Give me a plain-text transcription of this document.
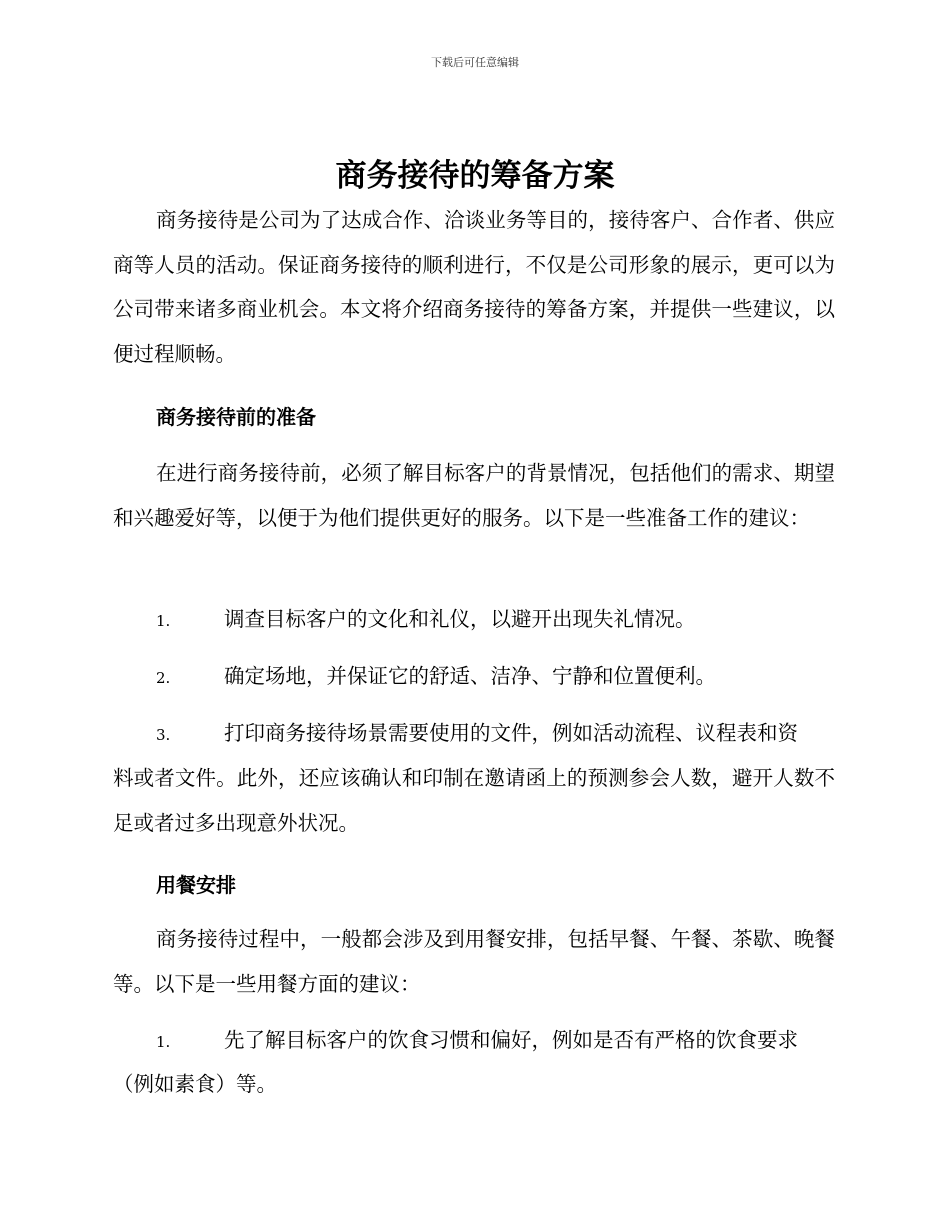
下载后可任意编辑
商务接待的筹备方案
商务接待是公司为了达成合作、洽谈业务等目的，接待客户、合作者、供应商等人员的活动。保证商务接待的顺利进行，不仅是公司形象的展示，更可以为公司带来诸多商业机会。本文将介绍商务接待的筹备方案，并提供一些建议，以便过程顺畅。
商务接待前的准备
在进行商务接待前，必须了解目标客户的背景情况，包括他们的需求、期望和兴趣爱好等，以便于为他们提供更好的服务。以下是一些准备工作的建议：
1.	调查目标客户的文化和礼仪，以避开出现失礼情况。
2.	确定场地，并保证它的舒适、洁净、宁静和位置便利。
3.	打印商务接待场景需要使用的文件，例如活动流程、议程表和资
料或者文件。此外，还应该确认和印制在邀请函上的预测参会人数，避开人数不足或者过多出现意外状况。
用餐安排
商务接待过程中，一般都会涉及到用餐安排，包括早餐、午餐、茶歇、晚餐等。以下是一些用餐方面的建议：
1.	先了解目标客户的饮食习惯和偏好，例如是否有严格的饮食要求
（例如素食）等。
